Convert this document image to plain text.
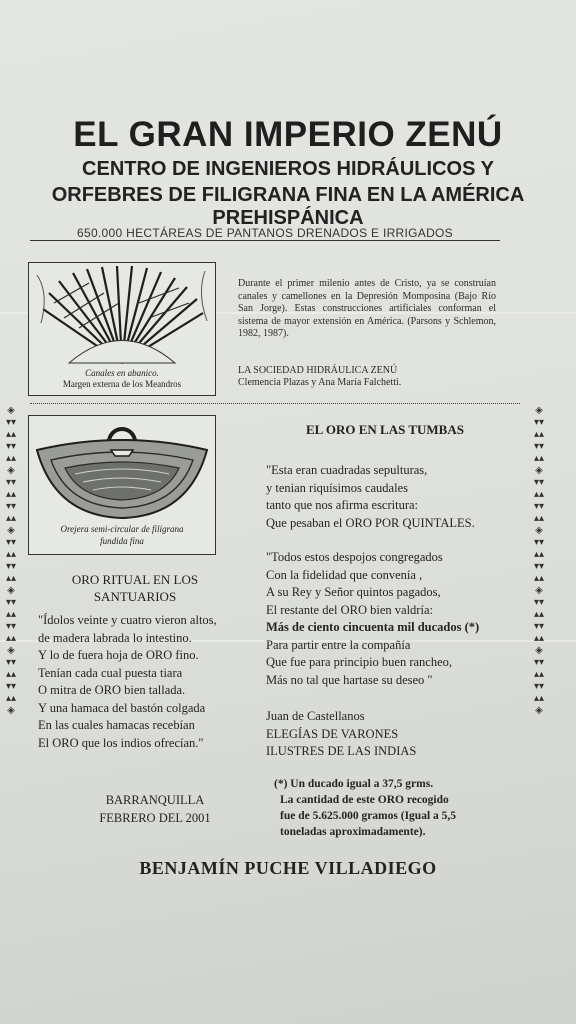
EL GRAN IMPERIO ZENÚ
CENTRO DE INGENIEROS HIDRÁULICOS Y
ORFEBRES DE FILIGRANA FINA EN LA AMÉRICA
PREHISPÁNICA
650.000 HECTÁREAS DE PANTANOS DRENADOS E IRRIGADOS
Canales en abanico.
Margen externa de los Meandros
Durante el primer milenio antes de Cristo, ya se construían canales y camellones en la Depresión Momposina (Bajo Río San Jorge). Estas construcciones artificiales conforman el sistema de mayor extensión en América. (Parsons y Schlemon, 1982, 1987).
LA SOCIEDAD HIDRÁULICA ZENÚ
Clemencia Plazas y Ana María Falchetti.
◈
▾▾
▴▴
▾▾
▴▴
◈
▾▾
▴▴
▾▾
▴▴
◈
▾▾
▴▴
▾▾
▴▴
◈
▾▾
▴▴
▾▾
▴▴
◈
▾▾
▴▴
▾▾
▴▴
◈
◈
▾▾
▴▴
▾▾
▴▴
◈
▾▾
▴▴
▾▾
▴▴
◈
▾▾
▴▴
▾▾
▴▴
◈
▾▾
▴▴
▾▾
▴▴
◈
▾▾
▴▴
▾▾
▴▴
◈
Orejera semi-circular de filigrana
fundida fina
EL ORO EN LAS TUMBAS
"Esta eran cuadradas sepulturas,
y tenian riquísimos caudales
tanto que nos afirma escritura:
Que pesaban el ORO POR QUINTALES.
"Todos estos despojos congregados
Con la fidelidad que convenía ,
A su Rey y Señor quintos pagados,
El restante del ORO bien valdría:
Más de ciento cincuenta mil ducados (*)
Para partir entre la compañía
Que fue para principio buen rancheo,
Más no tal que hartase su deseo "
Juan de Castellanos
ELEGÍAS DE VARONES
ILUSTRES DE LAS INDIAS
ORO RITUAL EN LOS
SANTUARIOS
"Ídolos veinte y cuatro vieron altos,
de madera labrada lo intestino.
Y lo de fuera hoja de ORO fino.
Tenían cada cual puesta tiara
O mitra de ORO bien tallada.
Y una hamaca del bastón colgada
En las cuales hamacas recebían
El ORO que los indios ofrecían."
(*) Un ducado igual a 37,5 grms.
La cantidad de este ORO recogido
fue de 5.625.000 gramos (Igual a 5,5
toneladas aproximadamente).
BARRANQUILLA
FEBRERO DEL 2001
BENJAMÍN PUCHE VILLADIEGO
